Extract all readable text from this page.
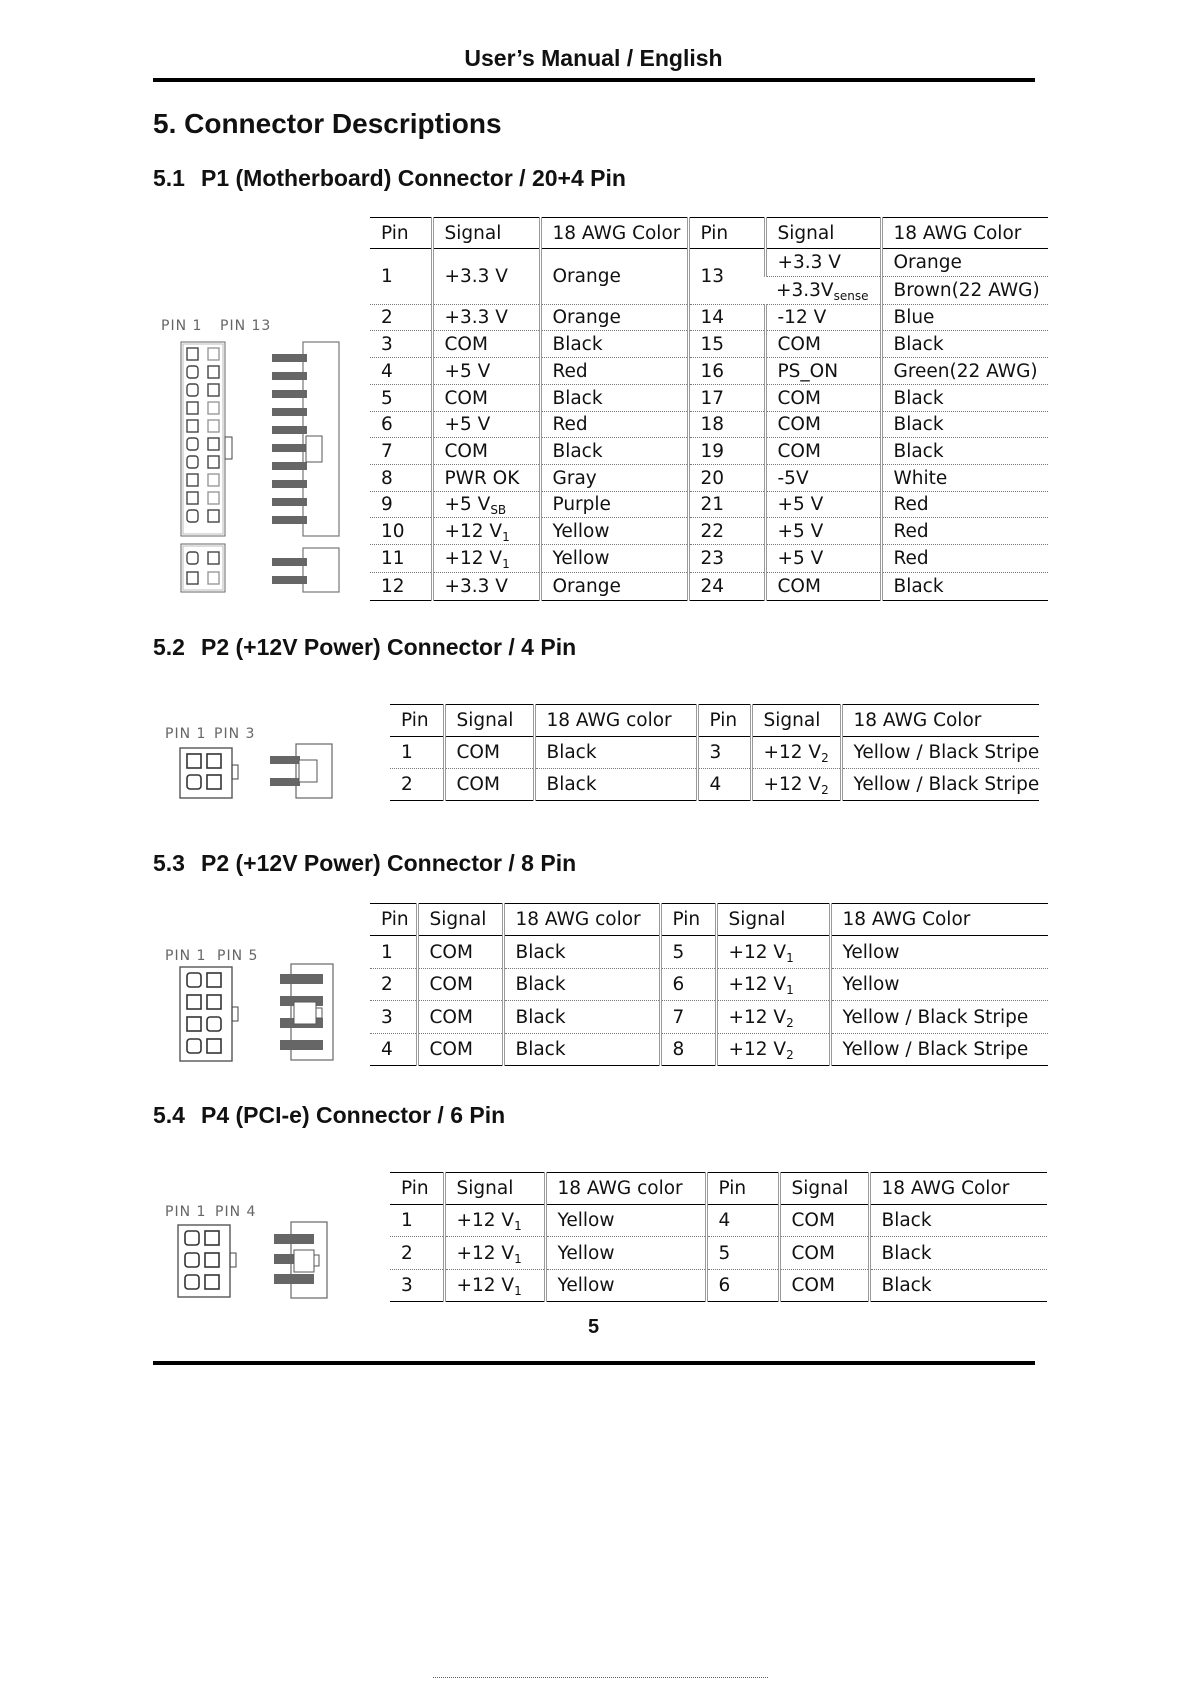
User’s Manual / English
5. Connector Descriptions
5.1 P1 (Motherboard) Connector / 20+4 Pin
PIN 1 PIN 13
Pin	Signal	18 AWG Color	Pin	Signal	18 AWG Color
1	+3.3 V	Orange	13	+3.3 V	Orange
				$+3.3V_{sense}$	Brown(22 AWG)
2	+3.3 V	Orange	14	-12 V	Blue
3	COM	Black	15	COM	Black
4	+5 V	Red	16	PS_ON	Green(22 AWG)
5	COM	Black	17	COM	Black
6	+5 V	Red	18	COM	Black
7	COM	Black	19	COM	Black
8	PWR OK	Gray	20	-5V	White
9	+5 $V_{SB}$	Purple	21	+5 V	Red
10	+12 $V_1$	Yellow	22	+5 V	Red
11	+12 $V_1$	Yellow	23	+5 V	Red
12	+3.3 V	Orange	24	COM	Black
5.2 P2 (+12V Power) Connector / 4 Pin
PIN 1 PIN 3
Pin	Signal	18 AWG color	Pin	Signal	18 AWG Color
1	COM	Black	3	+12 $V_2$	Yellow / Black Stripe
2	COM	Black	4	+12 $V_2$	Yellow / Black Stripe
5.3 P2 (+12V Power) Connector / 8 Pin
PIN 1 PIN 5
Pin	Signal	18 AWG color	Pin	Signal	18 AWG Color
1	COM	Black	5	+12 $V_1$	Yellow
2	COM	Black	6	+12 $V_1$	Yellow
3	COM	Black	7	+12 $V_2$	Yellow / Black Stripe
4	COM	Black	8	+12 $V_2$	Yellow / Black Stripe
5.4 P4 (PCI-e) Connector / 6 Pin
PIN 1 PIN 4
Pin	Signal	18 AWG color	Pin	Signal	18 AWG Color
1	+12 $V_1$	Yellow	4	COM	Black
2	+12 $V_1$	Yellow	5	COM	Black
3	+12 $V_1$	Yellow	6	COM	Black
5
